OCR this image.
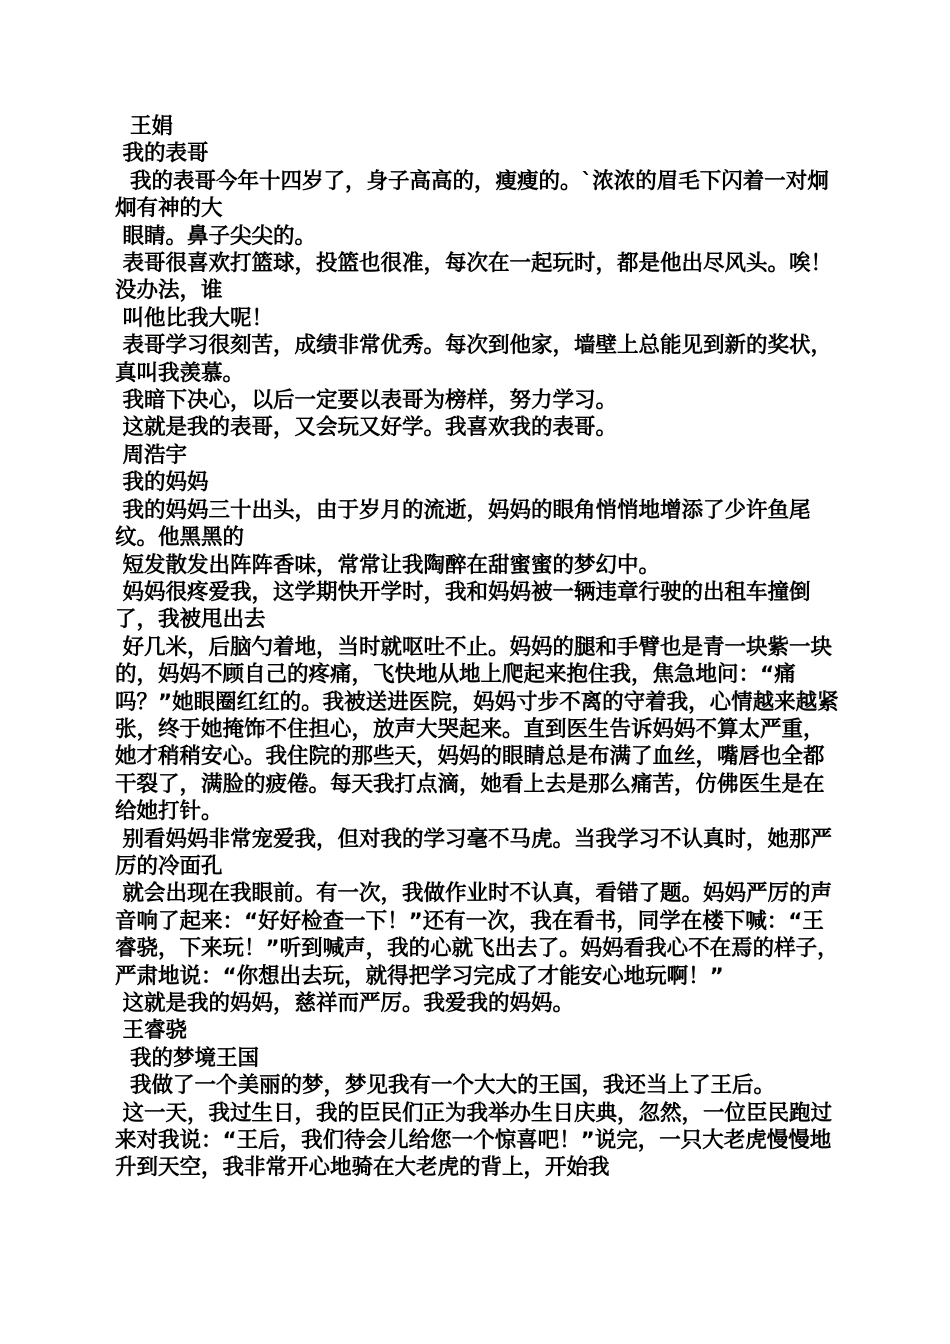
王娟
我的表哥
我的表哥今年十四岁了，身子高高的，瘦瘦的。`浓浓的眉毛下闪着一对炯炯有神的大
眼睛。鼻子尖尖的。
表哥很喜欢打篮球，投篮也很准，每次在一起玩时，都是他出尽风头。唉！没办法，谁
叫他比我大呢！
表哥学习很刻苦，成绩非常优秀。每次到他家，墙壁上总能见到新的奖状，真叫我羡慕。
我暗下决心，以后一定要以表哥为榜样，努力学习。
这就是我的表哥，又会玩又好学。我喜欢我的表哥。
周浩宇
我的妈妈
我的妈妈三十出头，由于岁月的流逝，妈妈的眼角悄悄地增添了少许鱼尾纹。他黑黑的
短发散发出阵阵香味，常常让我陶醉在甜蜜蜜的梦幻中。
妈妈很疼爱我，这学期快开学时，我和妈妈被一辆违章行驶的出租车撞倒了，我被甩出去
好几米，后脑勺着地，当时就呕吐不止。妈妈的腿和手臂也是青一块紫一块的，妈妈不顾自己的疼痛，飞快地从地上爬起来抱住我，焦急地问：“痛吗？”她眼圈红红的。我被送进医院，妈妈寸步不离的守着我，心情越来越紧张，终于她掩饰不住担心，放声大哭起来。直到医生告诉妈妈不算太严重，她才稍稍安心。我住院的那些天，妈妈的眼睛总是布满了血丝，嘴唇也全都干裂了，满脸的疲倦。每天我打点滴，她看上去是那么痛苦，仿佛医生是在给她打针。
别看妈妈非常宠爱我，但对我的学习毫不马虎。当我学习不认真时，她那严厉的冷面孔
就会出现在我眼前。有一次，我做作业时不认真，看错了题。妈妈严厉的声音响了起来：“好好检查一下！”还有一次，我在看书，同学在楼下喊：“王睿骁，下来玩！”听到喊声，我的心就飞出去了。妈妈看我心不在焉的样子，严肃地说：“你想出去玩，就得把学习完成了才能安心地玩啊！”
这就是我的妈妈，慈祥而严厉。我爱我的妈妈。
王睿骁
我的梦境王国
我做了一个美丽的梦，梦见我有一个大大的王国，我还当上了王后。
这一天，我过生日，我的臣民们正为我举办生日庆典，忽然，一位臣民跑过来对我说：“王后，我们待会儿给您一个惊喜吧！”说完，一只大老虎慢慢地升到天空，我非常开心地骑在大老虎的背上，开始我
